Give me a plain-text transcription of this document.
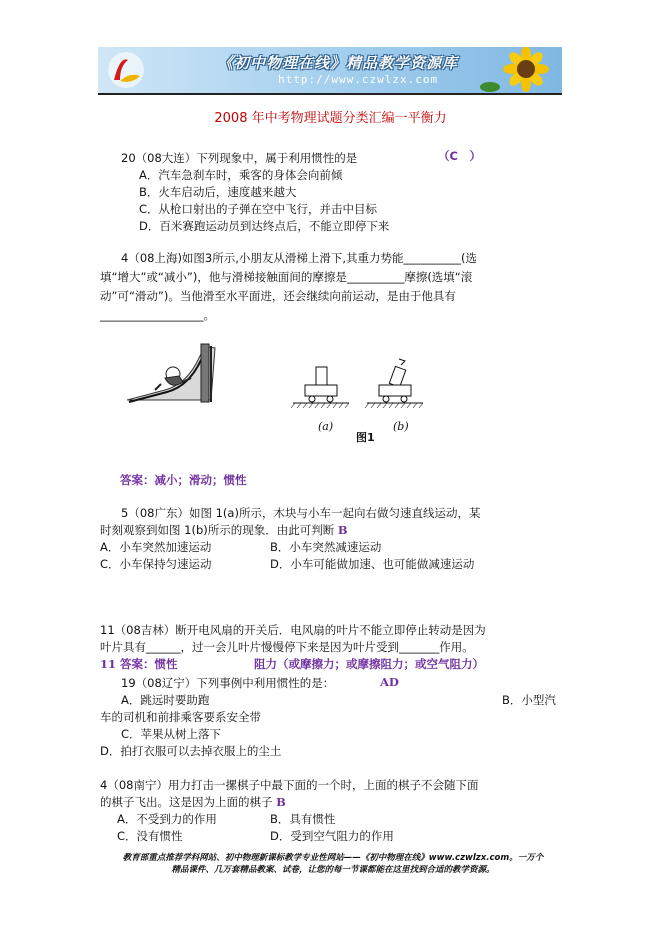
《初中物理在线》精品教学资源库
http://www.czwlzx.com
2008 年中考物理试题分类汇编一平衡力
20（08大连）下列现象中，属于利用惯性的是	（C　）
A．汽车急刹车时，乘客的身体会向前倾
B．火车启动后，速度越来越大
C．从枪口射出的子弹在空中飞行，并击中目标
D．百米赛跑运动员到达终点后，不能立即停下来
4（08上海)如图3所示,小朋友从滑梯上滑下,其重力势能__________(选
填“增大”或“减小”)，他与滑梯接触面间的摩擦是__________摩擦(选填“滚
动”可“滑动”)。当他滑至水平面进，还会继续向前运动，是由于他具有
__________________。
(a)	(b)
图1
答案：减小；滑动；惯性
5（08广东）如图 1(a)所示，木块与小车一起向右做匀速直线运动，某
时刻观察到如图 1(b)所示的现象．由此可判断 B
A．小车突然加速运动	B．小车突然减速运动
C．小车保持匀速运动	D．小车可能做加速、也可能做减速运动
11（08吉林）断开电风扇的开关后．电风扇的叶片不能立即停止转动是因为
叶片具有______，过一会儿叶片慢慢停下来是因为叶片受到_______作用。
11 答案：惯性	阻力（或摩擦力；或摩擦阻力；或空气阻力）
19（08辽宁）下列事例中利用惯性的是：	AD
A．跳远时要助跑	B．小型汽
车的司机和前排乘客要系安全带
C．苹果从树上落下
D．拍打衣服可以去掉衣服上的尘土
4（08南宁）用力打击一摞棋子中最下面的一个时，上面的棋子不会随下面
的棋子飞出。这是因为上面的棋子 B
A．不受到力的作用	B．具有惯性
C．没有惯性	D．受到空气阻力的作用
教育部重点推荐学科网站、初中物理新课标教学专业性网站——《初中物理在线》www.czwlzx.com。一万个
精品课件、几万套精品教案、试卷，让您的每一节课都能在这里找到合适的教学资源。
